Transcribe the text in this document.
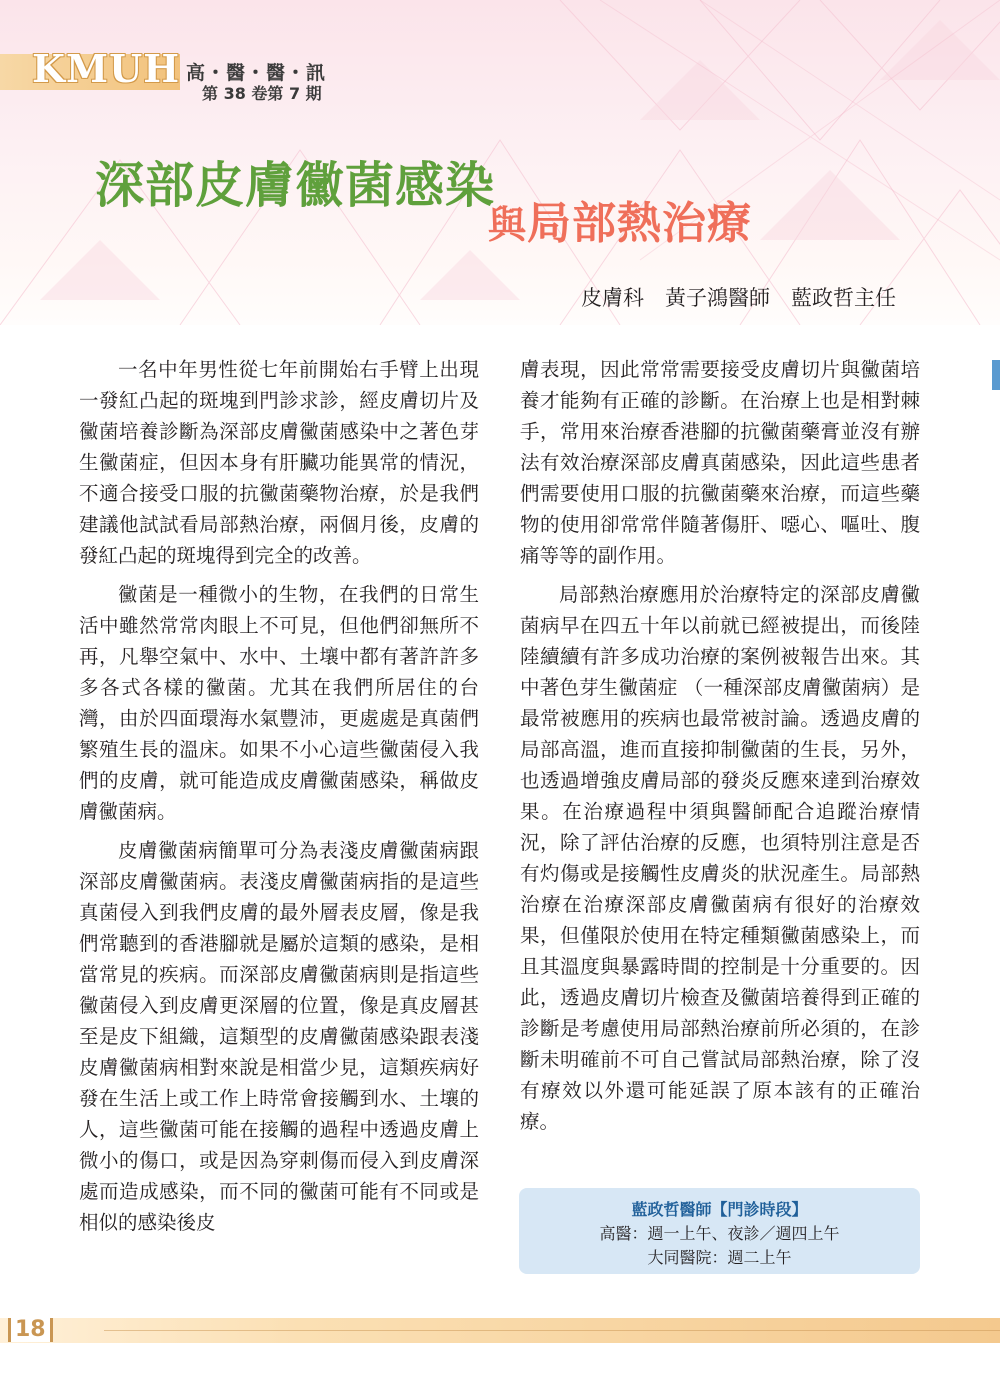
KMUH 高・醫・醫・訊
第 38 卷第 7 期
深部皮膚黴菌感染
與局部熱治療
皮膚科　黃子鴻醫師　藍政哲主任

一名中年男性從七年前開始右手臂上出現一發紅凸起的斑塊到門診求診，經皮膚切片及黴菌培養診斷為深部皮膚黴菌感染中之著色芽生黴菌症，但因本身有肝臟功能異常的情況，不適合接受口服的抗黴菌藥物治療，於是我們建議他試試看局部熱治療，兩個月後，皮膚的發紅凸起的斑塊得到完全的改善。

黴菌是一種微小的生物，在我們的日常生活中雖然常常肉眼上不可見，但他們卻無所不再，凡舉空氣中、水中、土壤中都有著許許多多各式各樣的黴菌。尤其在我們所居住的台灣，由於四面環海水氣豐沛，更處處是真菌們繁殖生長的溫床。如果不小心這些黴菌侵入我們的皮膚，就可能造成皮膚黴菌感染，稱做皮膚黴菌病。

皮膚黴菌病簡單可分為表淺皮膚黴菌病跟深部皮膚黴菌病。表淺皮膚黴菌病指的是這些真菌侵入到我們皮膚的最外層表皮層，像是我們常聽到的香港腳就是屬於這類的感染，是相當常見的疾病。而深部皮膚黴菌病則是指這些黴菌侵入到皮膚更深層的位置，像是真皮層甚至是皮下組織，這類型的皮膚黴菌感染跟表淺皮膚黴菌病相對來說是相當少見，這類疾病好發在生活上或工作上時常會接觸到水、土壤的人，這些黴菌可能在接觸的過程中透過皮膚上微小的傷口，或是因為穿刺傷而侵入到皮膚深處而造成感染，而不同的黴菌可能有不同或是相似的感染後皮

膚表現，因此常常需要接受皮膚切片與黴菌培養才能夠有正確的診斷。在治療上也是相對棘手，常用來治療香港腳的抗黴菌藥膏並沒有辦法有效治療深部皮膚真菌感染，因此這些患者們需要使用口服的抗黴菌藥來治療，而這些藥物的使用卻常常伴隨著傷肝、噁心、嘔吐、腹痛等等的副作用。

局部熱治療應用於治療特定的深部皮膚黴菌病早在四五十年以前就已經被提出，而後陸陸續續有許多成功治療的案例被報告出來。其中著色芽生黴菌症 （一種深部皮膚黴菌病）是最常被應用的疾病也最常被討論。透過皮膚的局部高溫，進而直接抑制黴菌的生長，另外，也透過增強皮膚局部的發炎反應來達到治療效果。在治療過程中須與醫師配合追蹤治療情況，除了評估治療的反應，也須特別注意是否有灼傷或是接觸性皮膚炎的狀況產生。局部熱治療在治療深部皮膚黴菌病有很好的治療效果，但僅限於使用在特定種類黴菌感染上，而且其溫度與暴露時間的控制是十分重要的。因此，透過皮膚切片檢查及黴菌培養得到正確的診斷是考慮使用局部熱治療前所必須的，在診斷未明確前不可自己嘗試局部熱治療，除了沒有療效以外還可能延誤了原本該有的正確治療。

藍政哲醫師【門診時段】
高醫：週一上午、夜診／週四上午
大同醫院：週二上午
18
